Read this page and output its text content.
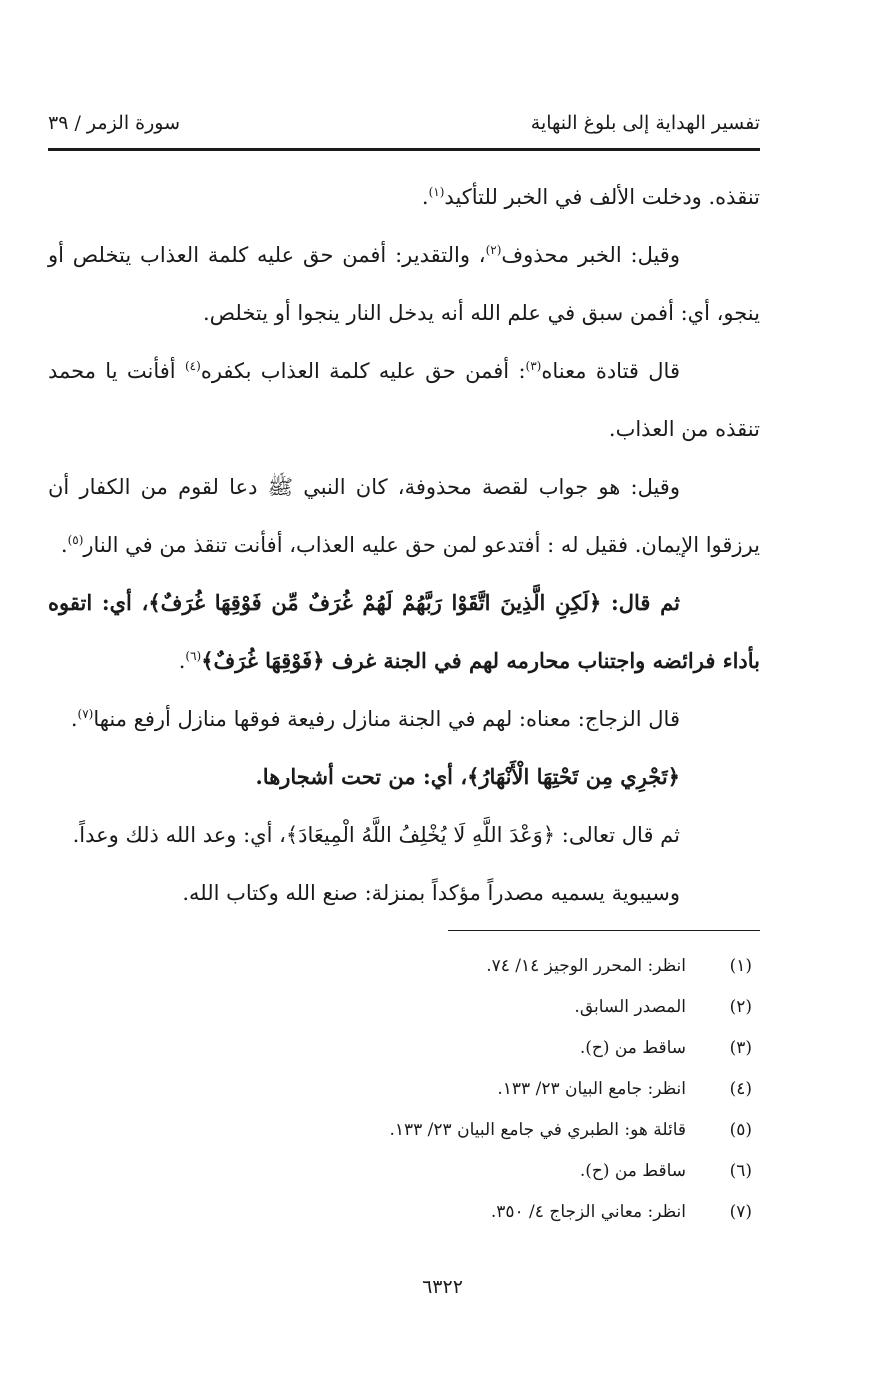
تفسير الهداية إلى بلوغ النهاية
سورة الزمر / ٣٩

تنقذه. ودخلت الألف في الخبر للتأكيد$^{(١)}$.

وقيل: الخبر محذوف$^{(٢)}$، والتقدير: أفمن حق عليه كلمة العذاب يتخلص أو ينجو، أي: أفمن سبق في علم الله أنه يدخل النار ينجوا أو يتخلص.

قال قتادة معناه$^{(٣)}$: أفمن حق عليه كلمة العذاب بكفره$^{(٤)}$ أفأنت يا محمد تنقذه من العذاب.

وقيل: هو جواب لقصة محذوفة، كان النبي ﷺ دعا لقوم من الكفار أن يرزقوا الإيمان. فقيل له : أفتدعو لمن حق عليه العذاب، أفأنت تنقذ من في النار$^{(٥)}$.

ثم قال: ﴿لَكِنِ الَّذِينَ اتَّقَوْا رَبَّهُمْ لَهُمْ غُرَفٌ مِّن فَوْقِهَا غُرَفٌ﴾، أي: اتقوه بأداء فرائضه واجتناب محارمه لهم في الجنة غرف ﴿فَوْقِهَا غُرَفٌ﴾$^{(٦)}$.

قال الزجاج: معناه: لهم في الجنة منازل رفيعة فوقها منازل أرفع منها$^{(٧)}$.

﴿تَجْرِي مِن تَحْتِهَا الْأَنْهَارُ﴾، أي: من تحت أشجارها.

ثم قال تعالى: ﴿وَعْدَ اللَّهِ لَا يُخْلِفُ اللَّهُ الْمِيعَادَ﴾، أي: وعد الله ذلك وعداً.

وسيبوية يسميه مصدراً مؤكداً بمنزلة: صنع الله وكتاب الله.

(١)
انظر: المحرر الوجيز ١٤/ ٧٤.
(٢)
المصدر السابق.
(٣)
ساقط من (ح).
(٤)
انظر: جامع البيان ٢٣/ ١٣٣.
(٥)
قائلة هو: الطبري في جامع البيان ٢٣/ ١٣٣.
(٦)
ساقط من (ح).
(٧)
انظر: معاني الزجاج ٤/ ٣٥٠.
٦٣٢٢
